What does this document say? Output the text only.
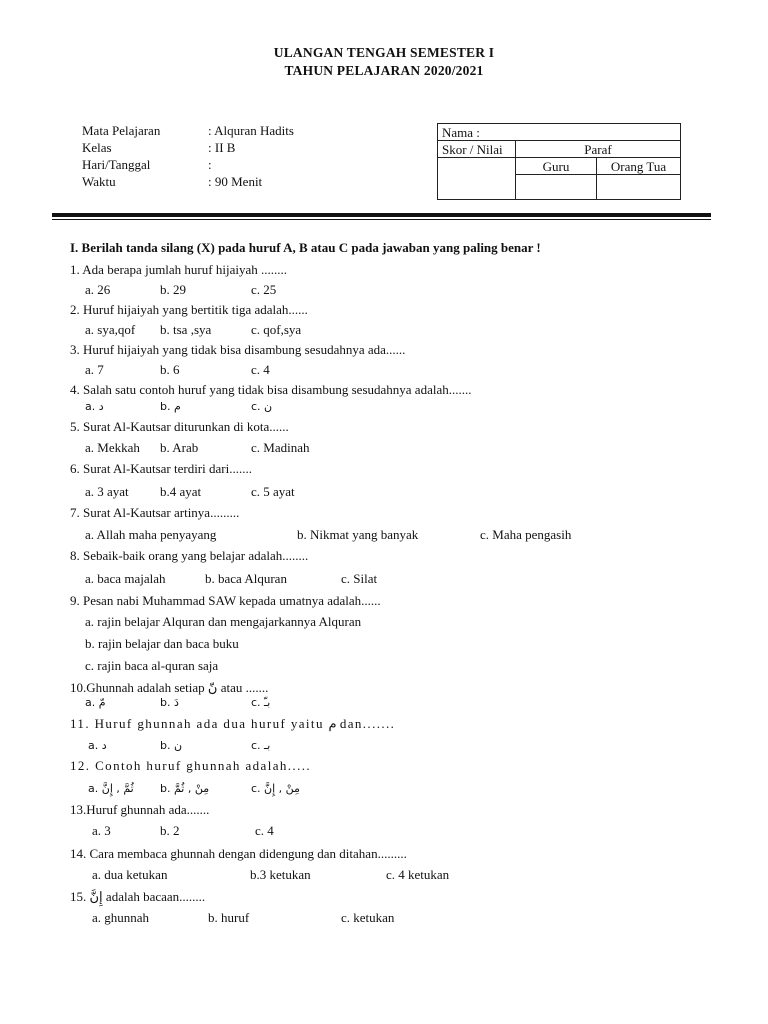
ULANGAN TENGAH SEMESTER I
TAHUN PELAJARAN 2020/2021
Mata Pelajaran	: Alquran Hadits
Kelas	: II B
Hari/Tanggal	:
Waktu	: 90 Menit
Nama :		
Skor / Nilai	Paraf	
	Guru	Orang Tua

I. Berilah tanda silang (X) pada huruf A, B atau C pada jawaban yang paling benar !
1. Ada berapa jumlah huruf hijaiyah ........
a. 26	b. 29	c. 25
2. Huruf hijaiyah yang bertitik tiga adalah......
a. sya,qof b. tsa ,sya	c. qof,sya
3. Huruf hijaiyah yang tidak bisa disambung sesudahnya ada......
a. 7	b. 6	c. 4
4. Salah satu contoh huruf yang tidak bisa disambung sesudahnya adalah.......
a. د	b. م	c. ن
5. Surat Al-Kautsar diturunkan di kota......
a. Mekkah b. Arab	c. Madinah
6. Surat Al-Kautsar terdiri dari.......
a. 3 ayat b.4 ayat	c. 5 ayat
7. Surat Al-Kautsar artinya.........
a. Allah maha penyayang	b. Nikmat yang banyak	c. Maha pengasih
8. Sebaik-baik orang yang belajar adalah........
a. baca majalah	b. baca Alquran	c. Silat
9. Pesan nabi Muhammad SAW kepada umatnya adalah......
a. rajin belajar Alquran dan mengajarkannya Alquran
b. rajin belajar dan baca buku
c. rajin baca al-quran saja
10.Ghunnah adalah setiap نّ atau .......
a. مّ	b. دَ	c. بـّ
11. Huruf ghunnah ada dua huruf yaitu م dan.......
a. د	b. ن	c. بـ
12. Contoh huruf ghunnah adalah.....
a. ثُمَّ , إِنَّ b. مِنْ , ثُمَّ	c. مِنْ , إِنَّ
13.Huruf ghunnah ada.......
a. 3	b. 2	c. 4
14. Cara membaca ghunnah dengan didengung dan ditahan.........
a. dua ketukan	b.3 ketukan	c. 4 ketukan
15. إِنَّ adalah bacaan........
a. ghunnah	b. huruf	c. ketukan
